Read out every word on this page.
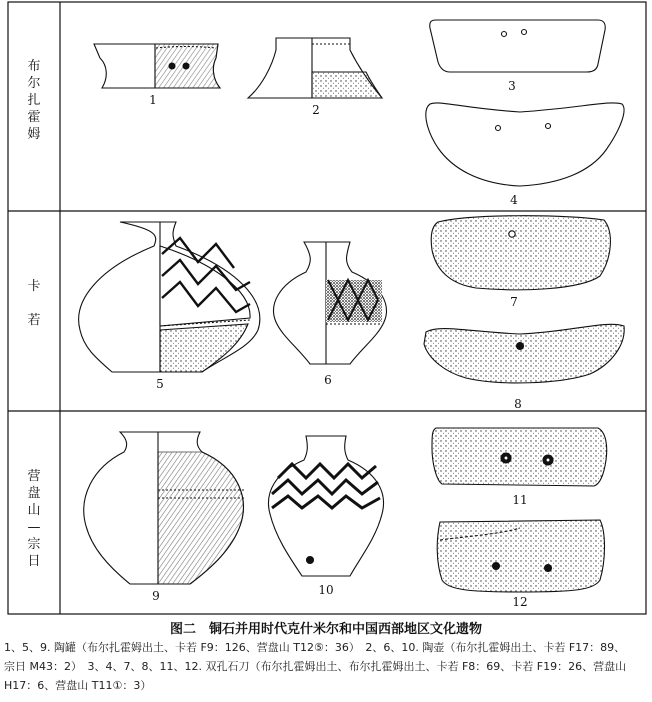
布尔扎霍姆
卡若
营盘山—宗日
1
2
3
4
5	6
7
8
9	10
11
12
图二　铜石并用时代克什米尔和中国西部地区文化遗物
1、5、9. 陶罐（布尔扎霍姆出土、卡若 F9：126、营盘山 T12⑤：36）　2、6、10. 陶壶（布尔扎霍姆出土、卡若 F17：89、
宗日 M43：2）　3、4、7、8、11、12. 双孔石刀（布尔扎霍姆出土、布尔扎霍姆出土、卡若 F8：69、卡若 F19：26、营盘山
H17：6、营盘山 T11①：3）
